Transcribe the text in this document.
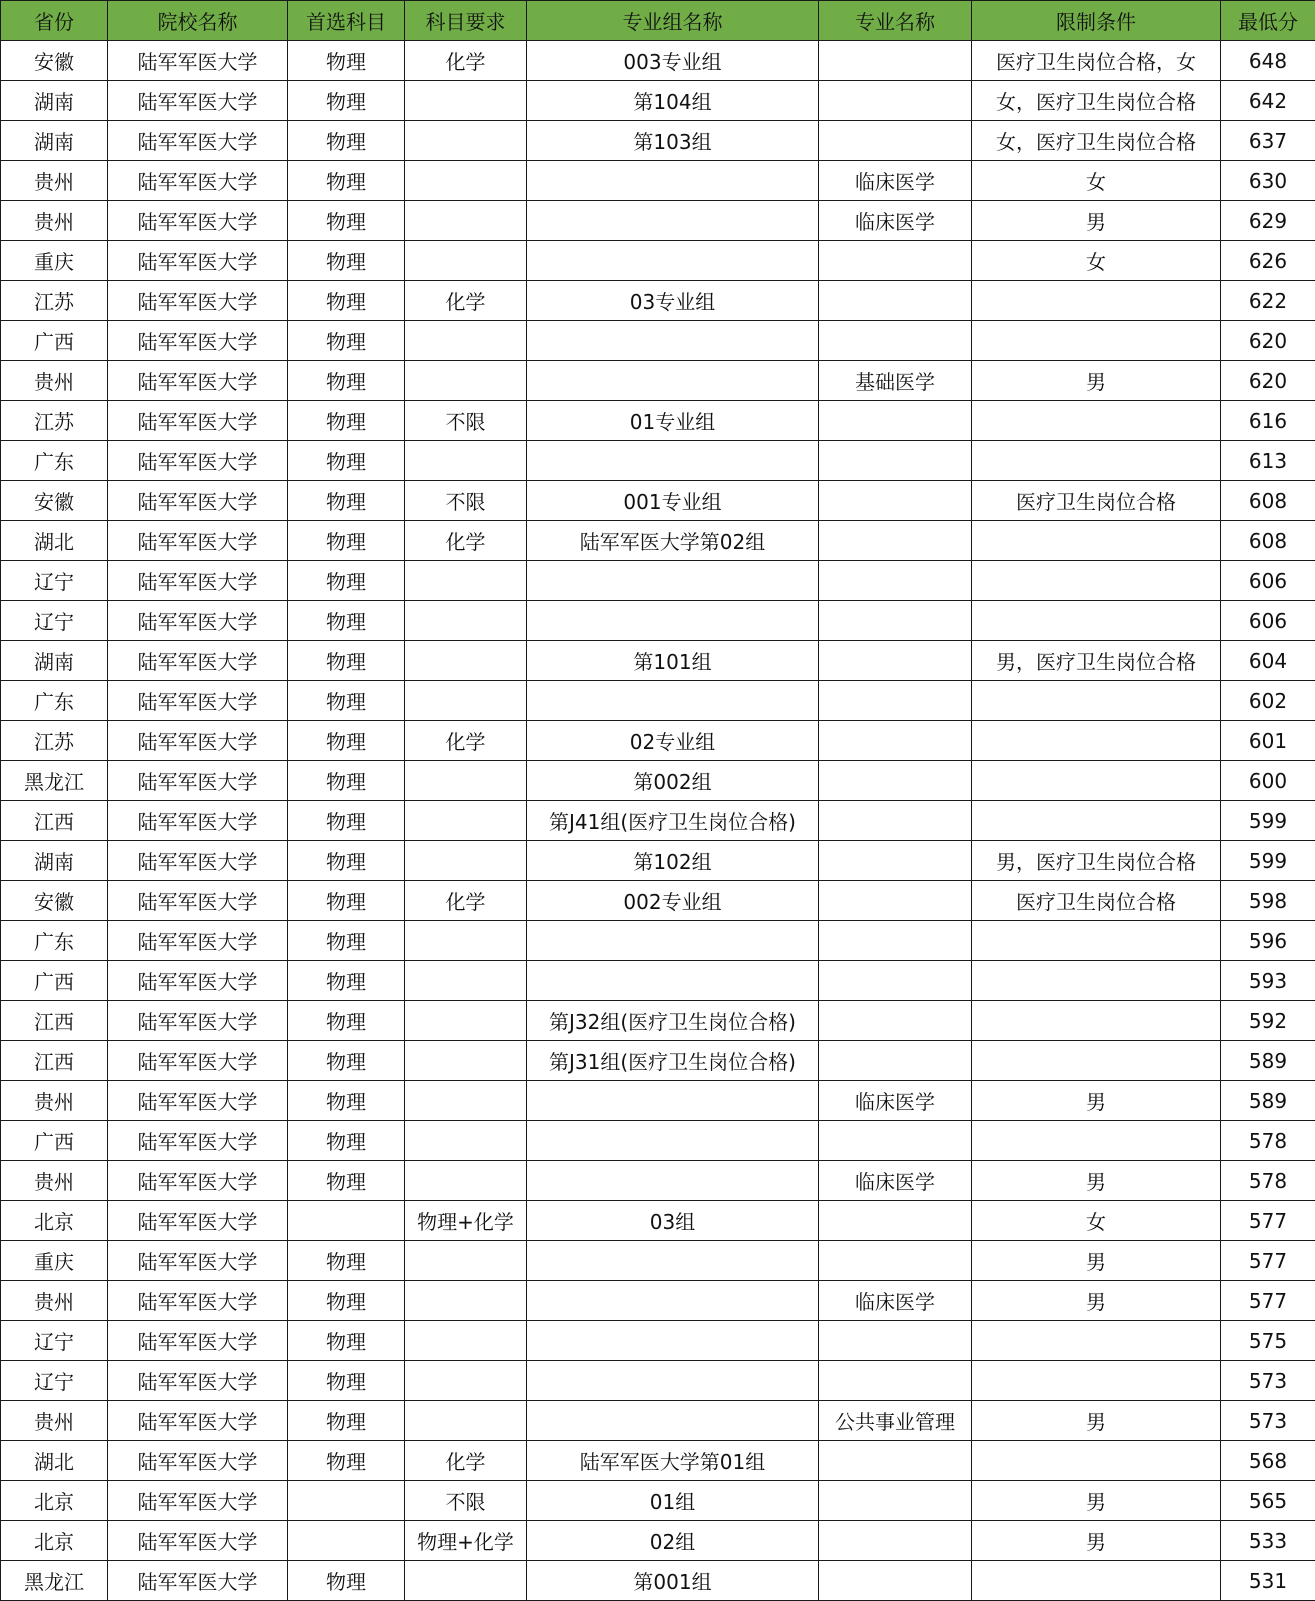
省份	院校名称	首选科目	科目要求	专业组名称	专业名称	限制条件	最低分
安徽	陆军军医大学	物理	化学	003专业组		医疗卫生岗位合格，女	648
湖南	陆军军医大学	物理		第104组		女，医疗卫生岗位合格	642
湖南	陆军军医大学	物理		第103组		女，医疗卫生岗位合格	637
贵州	陆军军医大学	物理			临床医学	女	630
贵州	陆军军医大学	物理			临床医学	男	629
重庆	陆军军医大学	物理				女	626
江苏	陆军军医大学	物理	化学	03专业组			622
广西	陆军军医大学	物理					620
贵州	陆军军医大学	物理			基础医学	男	620
江苏	陆军军医大学	物理	不限	01专业组			616
广东	陆军军医大学	物理					613
安徽	陆军军医大学	物理	不限	001专业组		医疗卫生岗位合格	608
湖北	陆军军医大学	物理	化学	陆军军医大学第02组			608
辽宁	陆军军医大学	物理					606
辽宁	陆军军医大学	物理					606
湖南	陆军军医大学	物理		第101组		男，医疗卫生岗位合格	604
广东	陆军军医大学	物理					602
江苏	陆军军医大学	物理	化学	02专业组			601
黑龙江	陆军军医大学	物理		第002组			600
江西	陆军军医大学	物理		第J41组(医疗卫生岗位合格)			599
湖南	陆军军医大学	物理		第102组		男，医疗卫生岗位合格	599
安徽	陆军军医大学	物理	化学	002专业组		医疗卫生岗位合格	598
广东	陆军军医大学	物理					596
广西	陆军军医大学	物理					593
江西	陆军军医大学	物理		第J32组(医疗卫生岗位合格)			592
江西	陆军军医大学	物理		第J31组(医疗卫生岗位合格)			589
贵州	陆军军医大学	物理			临床医学	男	589
广西	陆军军医大学	物理					578
贵州	陆军军医大学	物理			临床医学	男	578
北京	陆军军医大学		物理+化学	03组		女	577
重庆	陆军军医大学	物理				男	577
贵州	陆军军医大学	物理			临床医学	男	577
辽宁	陆军军医大学	物理					575
辽宁	陆军军医大学	物理					573
贵州	陆军军医大学	物理			公共事业管理	男	573
湖北	陆军军医大学	物理	化学	陆军军医大学第01组			568
北京	陆军军医大学		不限	01组		男	565
北京	陆军军医大学		物理+化学	02组		男	533
黑龙江	陆军军医大学	物理		第001组			531
